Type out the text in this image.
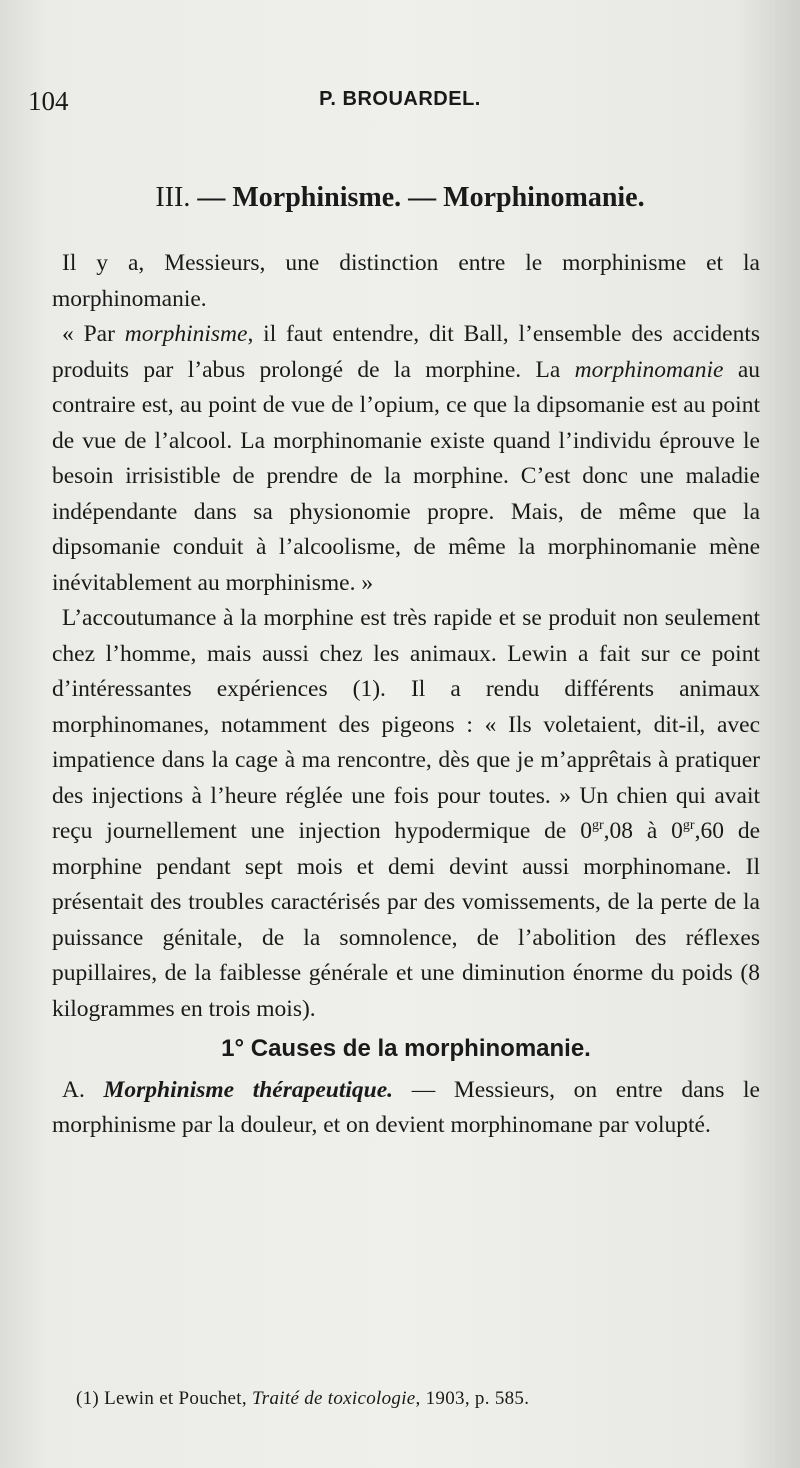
104	P. BROUARDEL.
III. — Morphinisme. — Morphinomanie.

Il y a, Messieurs, une distinction entre le morphinisme et la morphinomanie.

« Par morphinisme, il faut entendre, dit Ball, l’ensemble des accidents produits par l’abus prolongé de la morphine. La morphinomanie au contraire est, au point de vue de l’opium, ce que la dipsomanie est au point de vue de l’alcool. La morphinomanie existe quand l’individu éprouve le besoin irrisistible de prendre de la morphine. C’est donc une maladie indépendante dans sa physionomie propre. Mais, de même que la dipsomanie conduit à l’alcoolisme, de même la morphinomanie mène inévitablement au morphinisme. »

L’accoutumance à la morphine est très rapide et se produit non seulement chez l’homme, mais aussi chez les animaux. Lewin a fait sur ce point d’intéressantes expériences (1). Il a rendu différents animaux morphinomanes, notamment des pigeons : « Ils voletaient, dit-il, avec impatience dans la cage à ma rencontre, dès que je m’apprêtais à pratiquer des injections à l’heure réglée une fois pour toutes. » Un chien qui avait reçu journellement une injection hypodermique de $0^{gr},08$ à $0^{gr},60$ de morphine pendant sept mois et demi devint aussi morphinomane. Il présentait des troubles caractérisés par des vomissements, de la perte de la puissance génitale, de la somnolence, de l’abolition des réflexes pupillaires, de la faiblesse générale et une diminution énorme du poids (8 kilogrammes en trois mois).

1° Causes de la morphinomanie.

A. Morphinisme thérapeutique. — Messieurs, on entre dans le morphinisme par la douleur, et on devient morphinomane par volupté.

(1) Lewin et Pouchet, Traité de toxicologie, 1903, p. 585.
